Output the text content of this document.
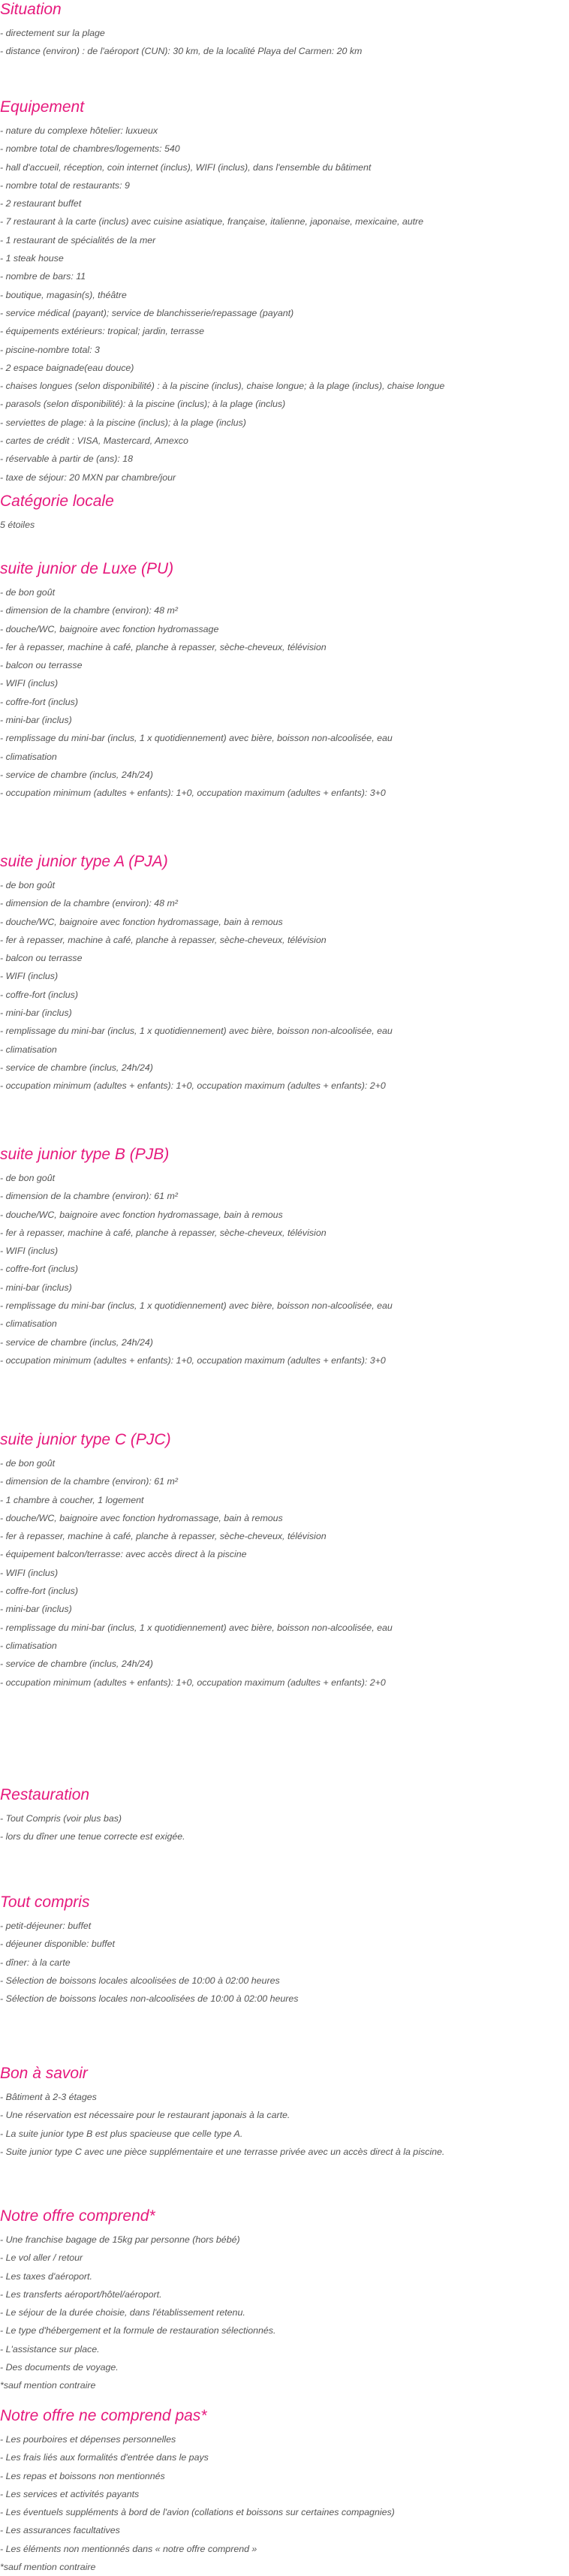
Situation
- directement sur la plage
- distance (environ) : de l'aéroport (CUN): 30 km, de la localité Playa del Carmen: 20 km
Equipement
- nature du complexe hôtelier: luxueux
- nombre total de chambres/logements: 540
- hall d'accueil, réception, coin internet (inclus), WIFI (inclus), dans l'ensemble du bâtiment
- nombre total de restaurants: 9
- 2 restaurant buffet
- 7 restaurant à la carte (inclus) avec cuisine asiatique, française, italienne, japonaise, mexicaine, autre
- 1 restaurant de spécialités de la mer
- 1 steak house
- nombre de bars: 11
- boutique, magasin(s), théâtre
- service médical (payant); service de blanchisserie/repassage (payant)
- équipements extérieurs: tropical; jardin, terrasse
- piscine-nombre total: 3
- 2 espace baignade(eau douce)
- chaises longues (selon disponibilité) : à la piscine (inclus), chaise longue; à la plage (inclus), chaise longue
- parasols (selon disponibilité): à la piscine (inclus); à la plage (inclus)
- serviettes de plage: à la piscine (inclus); à la plage (inclus)
- cartes de crédit : VISA, Mastercard, Amexco
- réservable à partir de (ans): 18
- taxe de séjour: 20 MXN par chambre/jour
Catégorie locale
5 étoiles
suite junior de Luxe (PU)
- de bon goût
- dimension de la chambre (environ): 48 m²
- douche/WC, baignoire avec fonction hydromassage
- fer à repasser, machine à café, planche à repasser, sèche-cheveux, télévision
- balcon ou terrasse
- WIFI (inclus)
- coffre-fort (inclus)
- mini-bar (inclus)
- remplissage du mini-bar (inclus, 1 x quotidiennement) avec bière, boisson non-alcoolisée, eau
- climatisation
- service de chambre (inclus, 24h/24)
- occupation minimum (adultes + enfants): 1+0, occupation maximum (adultes + enfants): 3+0
suite junior type A (PJA)
- de bon goût
- dimension de la chambre (environ): 48 m²
- douche/WC, baignoire avec fonction hydromassage, bain à remous
- fer à repasser, machine à café, planche à repasser, sèche-cheveux, télévision
- balcon ou terrasse
- WIFI (inclus)
- coffre-fort (inclus)
- mini-bar (inclus)
- remplissage du mini-bar (inclus, 1 x quotidiennement) avec bière, boisson non-alcoolisée, eau
- climatisation
- service de chambre (inclus, 24h/24)
- occupation minimum (adultes + enfants): 1+0, occupation maximum (adultes + enfants): 2+0
suite junior type B (PJB)
- de bon goût
- dimension de la chambre (environ): 61 m²
- douche/WC, baignoire avec fonction hydromassage, bain à remous
- fer à repasser, machine à café, planche à repasser, sèche-cheveux, télévision
- WIFI (inclus)
- coffre-fort (inclus)
- mini-bar (inclus)
- remplissage du mini-bar (inclus, 1 x quotidiennement) avec bière, boisson non-alcoolisée, eau
- climatisation
- service de chambre (inclus, 24h/24)
- occupation minimum (adultes + enfants): 1+0, occupation maximum (adultes + enfants): 3+0
suite junior type C (PJC)
- de bon goût
- dimension de la chambre (environ): 61 m²
- 1 chambre à coucher, 1 logement
- douche/WC, baignoire avec fonction hydromassage, bain à remous
- fer à repasser, machine à café, planche à repasser, sèche-cheveux, télévision
- équipement balcon/terrasse: avec accès direct à la piscine
- WIFI (inclus)
- coffre-fort (inclus)
- mini-bar (inclus)
- remplissage du mini-bar (inclus, 1 x quotidiennement) avec bière, boisson non-alcoolisée, eau
- climatisation
- service de chambre (inclus, 24h/24)
- occupation minimum (adultes + enfants): 1+0, occupation maximum (adultes + enfants): 2+0
Restauration
- Tout Compris (voir plus bas)
- lors du dîner une tenue correcte est exigée.
Tout compris
- petit-déjeuner: buffet
- déjeuner disponible: buffet
- dîner: à la carte
- Sélection de boissons locales alcoolisées de 10:00 à 02:00 heures
- Sélection de boissons locales non-alcoolisées de 10:00 à 02:00 heures
Bon à savoir
- Bâtiment à 2-3 étages
- Une réservation est nécessaire pour le restaurant japonais à la carte.
- La suite junior type B est plus spacieuse que celle type A.
- Suite junior type C avec une pièce supplémentaire et une terrasse privée avec un accès direct à la piscine.
Notre offre comprend*
- Une franchise bagage de 15kg par personne (hors bébé)
- Le vol aller / retour
- Les taxes d'aéroport.
- Les transferts aéroport/hôtel/aéroport.
- Le séjour de la durée choisie, dans l'établissement retenu.
- Le type d'hébergement et la formule de restauration sélectionnés.
- L'assistance sur place.
- Des documents de voyage.
*sauf mention contraire
Notre offre ne comprend pas*
- Les pourboires et dépenses personnelles
- Les frais liés aux formalités d'entrée dans le pays
- Les repas et boissons non mentionnés
- Les services et activités payants
- Les éventuels suppléments à bord de l'avion (collations et boissons sur certaines compagnies)
- Les assurances facultatives
- Les éléments non mentionnés dans « notre offre comprend »
*sauf mention contraire
